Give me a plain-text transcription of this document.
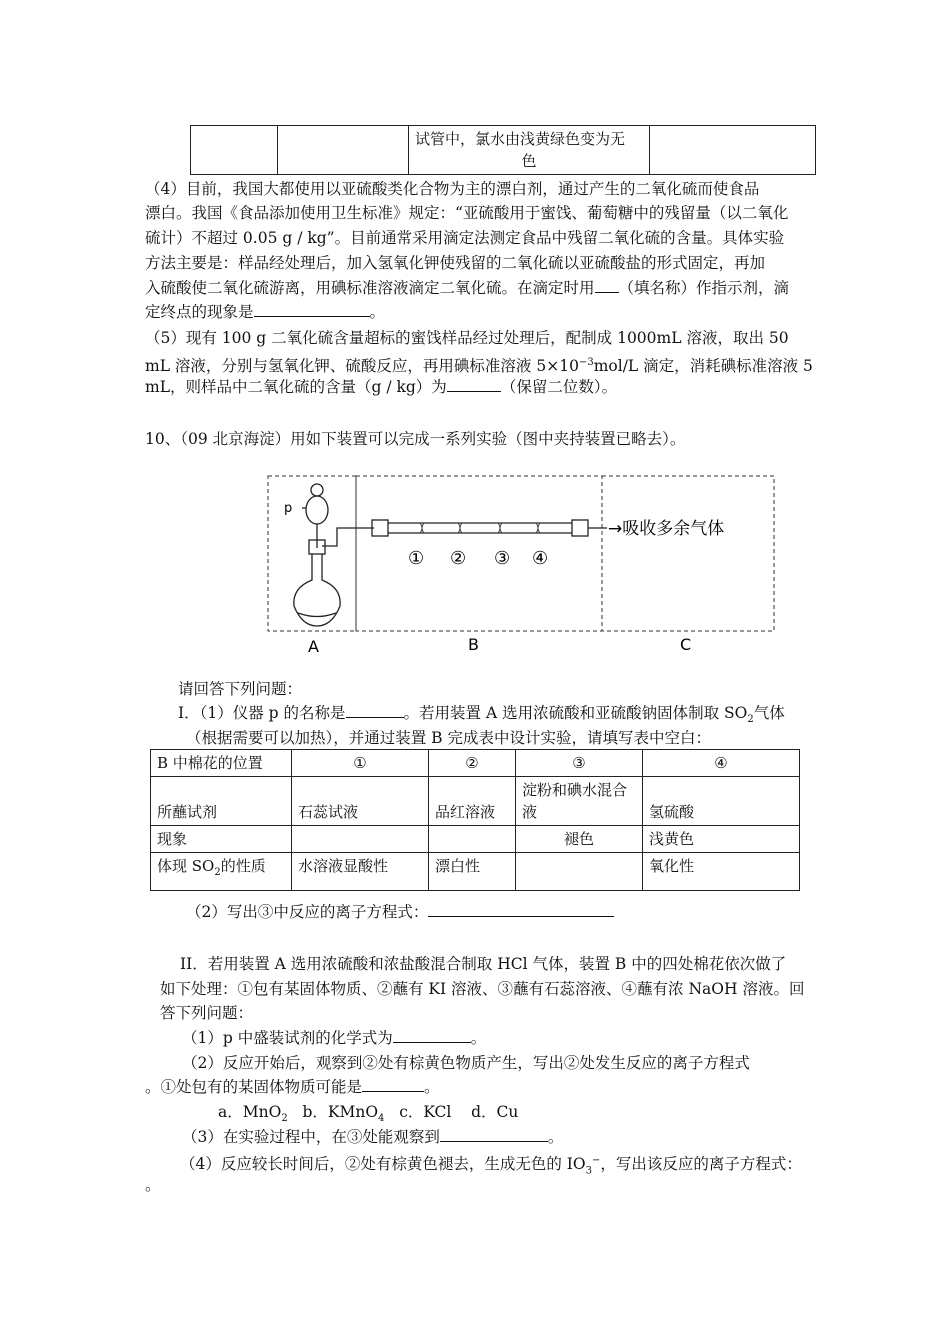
试管中，氯水由浅黄绿色变为无
色

（4）目前，我国大都使用以亚硫酸类化合物为主的漂白剂，通过产生的二氧化硫而使食品
漂白。我国《食品添加使用卫生标准》规定：“亚硫酸用于蜜饯、葡萄糖中的残留量（以二氧化
硫计）不超过 0.05 g / kg”。目前通常采用滴定法测定食品中残留二氧化硫的含量。具体实验
方法主要是：样品经处理后，加入氢氧化钾使残留的二氧化硫以亚硫酸盐的形式固定，再加
入硫酸使二氧化硫游离，用碘标准溶液滴定二氧化硫。在滴定时用 （填名称）作指示剂，滴
定终点的现象是	。
（5）现有 100 g 二氧化硫含量超标的蜜饯样品经过处理后，配制成 1000mL 溶液，取出 50
mL 溶液，分别与氢氧化钾、硫酸反应，再用碘标准溶液 $5\times 10^{-3}mol/L$ 滴定，消耗碘标准溶液 5
mL，则样品中二氧化硫的含量（g / kg）为	（保留二位数）。
10、（09 北京海淀）用如下装置可以完成一系列实验（图中夹持装置已略去）。
p
① ② ③ ④
→吸收多余气体
A	B	C
请回答下列问题：
I．（1）仪器 p 的名称是	。若用装置 A 选用浓硫酸和亚硫酸钠固体制取 $SO_2$气体
（根据需要可以加热），并通过装置 B 完成表中设计实验，请填写表中空白：
B 中棉花的位置	①	②	③	④
所蘸试剂	石蕊试液	品红溶液	淀粉和碘水混合液	氢硫酸
现象			褪色	浅黄色
体现 $SO_2$的性质	水溶液显酸性	漂白性		氧化性
（2）写出③中反应的离子方程式：
II．若用装置 A 选用浓硫酸和浓盐酸混合制取 HCl 气体，装置 B 中的四处棉花依次做了
如下处理：①包有某固体物质、②蘸有 KI 溶液、③蘸有石蕊溶液、④蘸有浓 NaOH 溶液。回
答下列问题：
（1）p 中盛装试剂的化学式为	。
（2）反应开始后，观察到②处有棕黄色物质产生，写出②处发生反应的离子方程式
。①处包有的某固体物质可能是	。
a．MnO$_2$ b．KMnO$_4$ c．KCl d．Cu
（3）在实验过程中，在③处能观察到	。
（4）反应较长时间后，②处有棕黄色褪去，生成无色的 $IO_3^-$，写出该反应的离子方程式：
。
